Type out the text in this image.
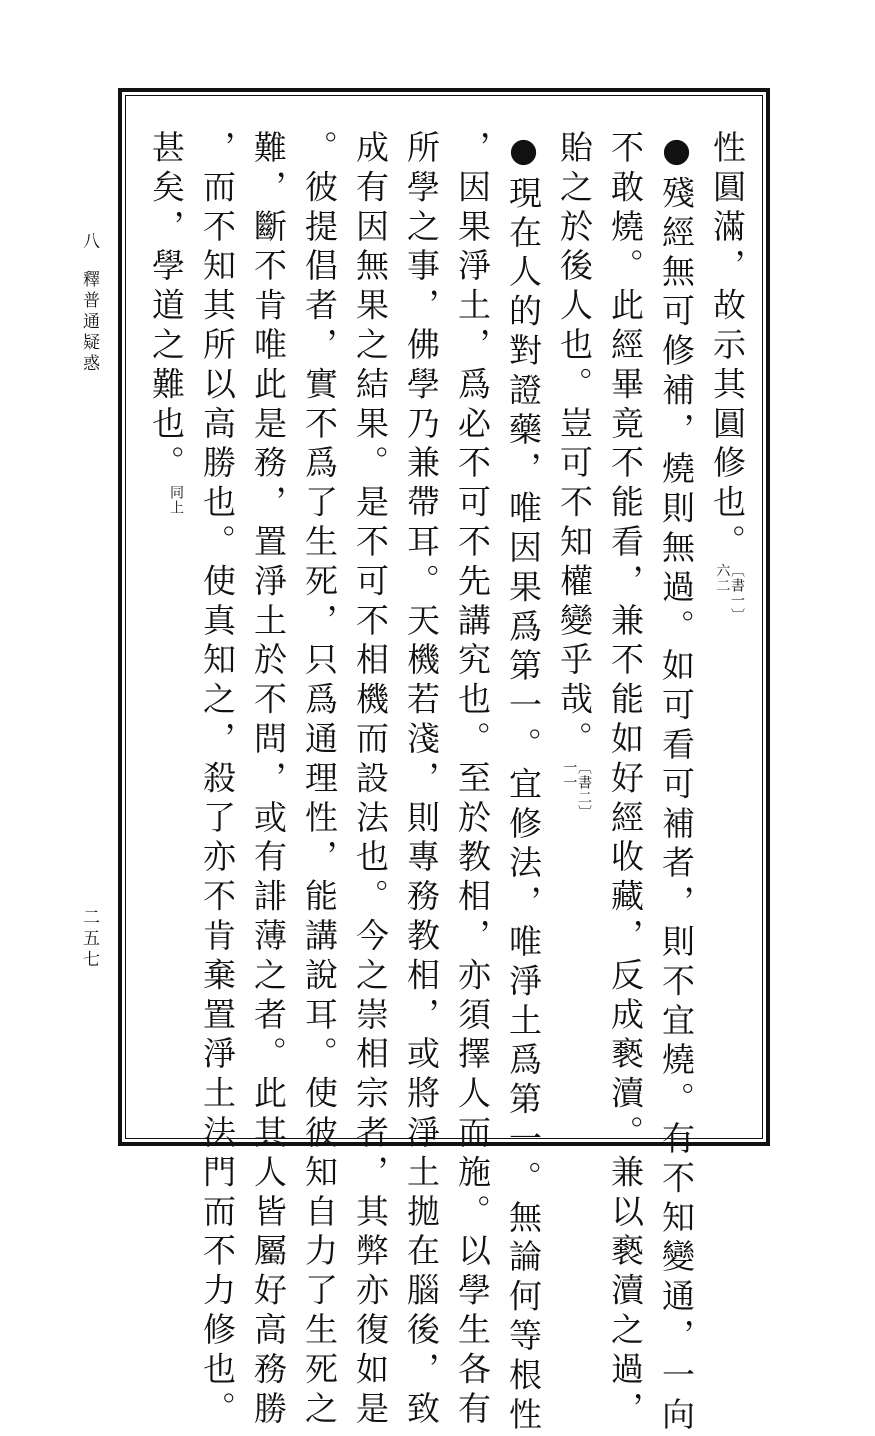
八
釋普通疑惑
二五七
性圓滿，故示其圓修也。
〔書一〕
六二
●殘經無可修補，燒則無過。如可看可補者，則不宜燒。有不知變通，一向
不敢燒。此經畢竟不能看，兼不能如好經收藏，反成褻瀆。兼以褻瀆之過，
貽之於後人也。豈可不知權變乎哉。
〔書二〕
一一
●現在人的對證藥，唯因果爲第一。宜修法，唯淨土爲第一。無論何等根性
，因果淨土，爲必不可不先講究也。至於教相，亦須擇人而施。以學生各有
所學之事，佛學乃兼帶耳。天機若淺，則專務教相，或將淨土拋在腦後，致
成有因無果之結果。是不可不相機而設法也。今之崇相宗者，其弊亦復如是
。彼提倡者，實不爲了生死，只爲通理性，能講說耳。使彼知自力了生死之
難，斷不肯唯此是務，置淨土於不問，或有誹薄之者。此其人皆屬好高務勝
，而不知其所以高勝也。使真知之，殺了亦不肯棄置淨土法門而不力修也。
甚矣，學道之難也。
同上
